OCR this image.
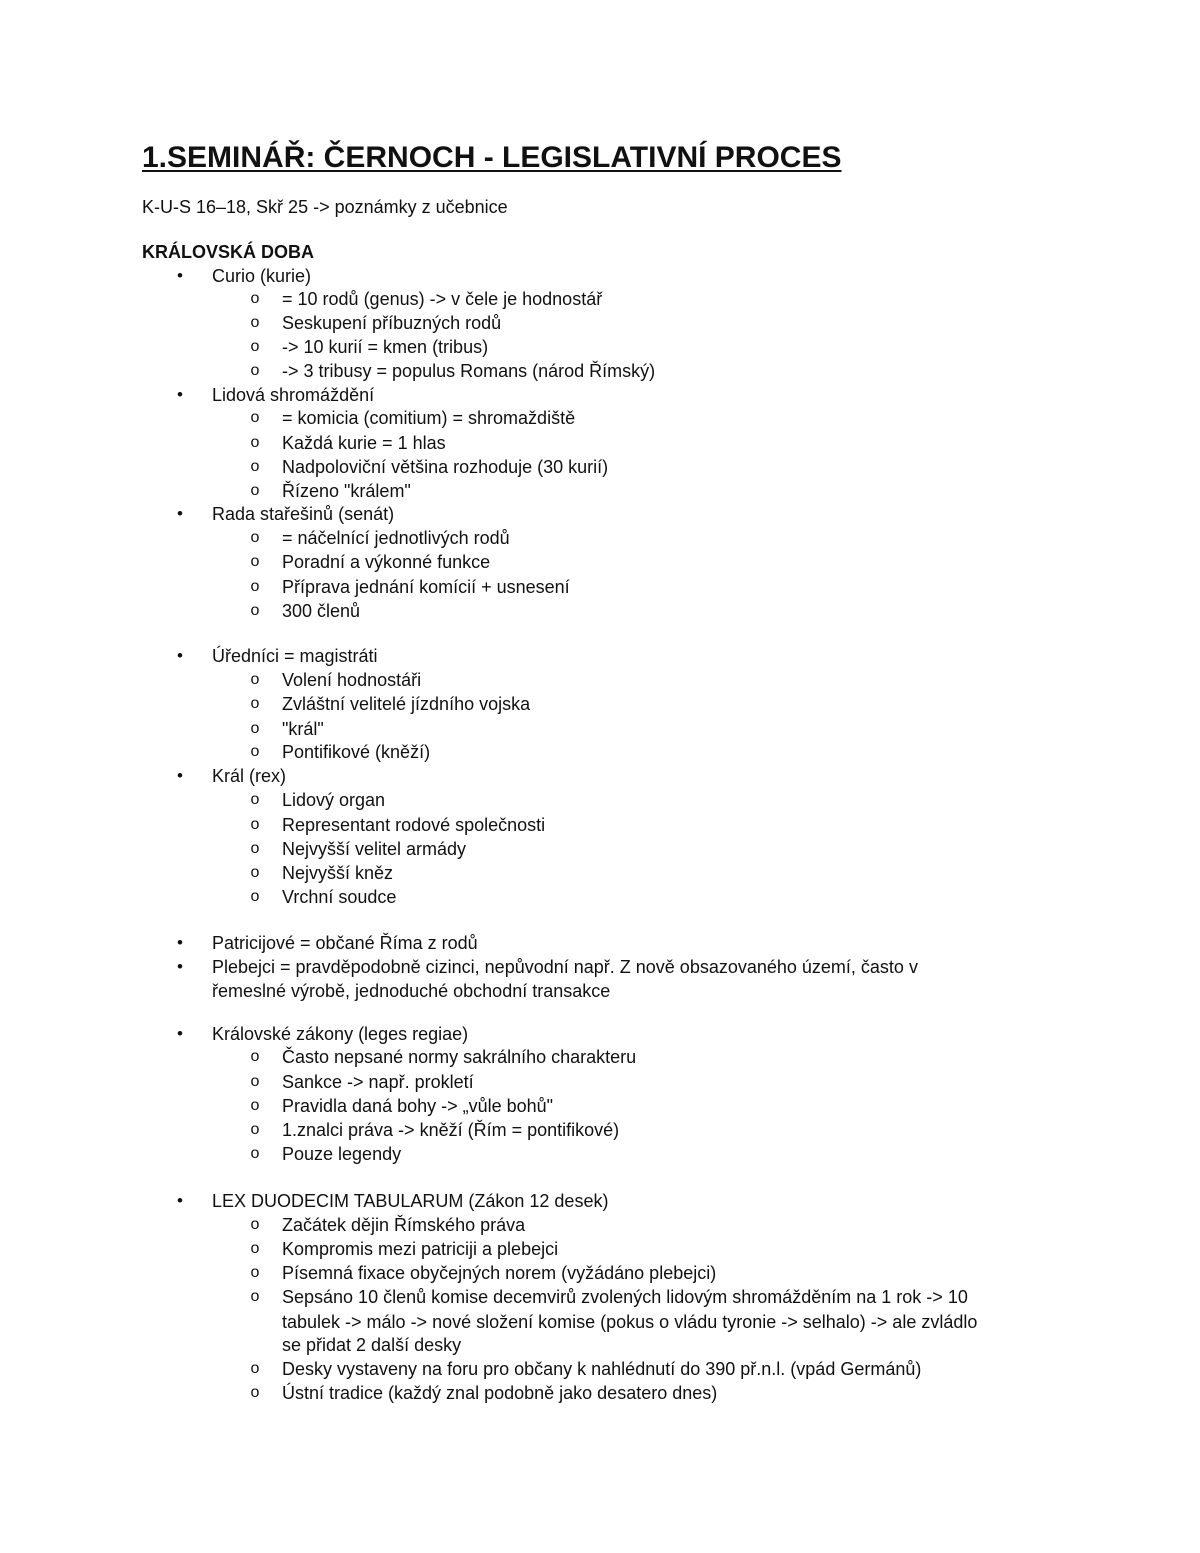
1.SEMINÁŘ: ČERNOCH - LEGISLATIVNÍ PROCES
K-U-S 16–18, Skř 25 -> poznámky z učebnice
KRÁLOVSKÁ DOBA
•	Curio (kurie)
o	= 10 rodů (genus) -> v čele je hodnostář
o	Seskupení příbuzných rodů
o	-> 10 kurií = kmen (tribus)
o	-> 3 tribusy = populus Romans (národ Římský)
•	Lidová shromáždění
o	= komicia (comitium) = shromaždiště
o	Každá kurie = 1 hlas
o	Nadpoloviční většina rozhoduje (30 kurií)
o	Řízeno "králem"
•	Rada stařešinů (senát)
o	= náčelnící jednotlivých rodů
o	Poradní a výkonné funkce
o	Příprava jednání komícií + usnesení
o	300 členů
•	Úředníci = magistráti
o	Volení hodnostáři
o	Zvláštní velitelé jízdního vojska
o	"král"
o	Pontifikové (kněží)
•	Král (rex)
o	Lidový organ
o	Representant rodové společnosti
o	Nejvyšší velitel armády
o	Nejvyšší kněz
o	Vrchní soudce
•	Patricijové = občané Říma z rodů
•	Plebejci = pravděpodobně cizinci, nepůvodní např. Z nově obsazovaného území, často v
řemeslné výrobě, jednoduché obchodní transakce
•	Královské zákony (leges regiae)
o	Často nepsané normy sakrálního charakteru
o	Sankce -> např. prokletí
o	Pravidla daná bohy -> „vůle bohů"
o	1.znalci práva -> kněží (Řím = pontifikové)
o	Pouze legendy
•	LEX DUODECIM TABULARUM (Zákon 12 desek)
o	Začátek dějin Římského práva
o	Kompromis mezi patriciji a plebejci
o	Písemná fixace obyčejných norem (vyžádáno plebejci)
o	Sepsáno 10 členů komise decemvirů zvolených lidovým shromážděním na 1 rok -> 10
tabulek -> málo -> nové složení komise (pokus o vládu tyronie -> selhalo) -> ale zvládlo
se přidat 2 další desky
o	Desky vystaveny na foru pro občany k nahlédnutí do 390 př.n.l. (vpád Germánů)
o	Ústní tradice (každý znal podobně jako desatero dnes)
